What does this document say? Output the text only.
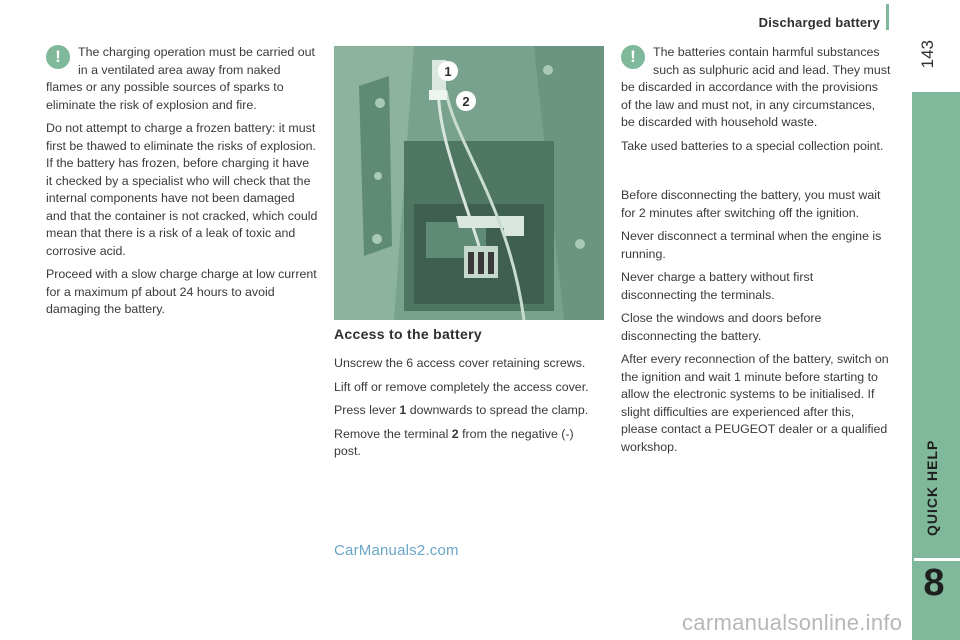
Discharged battery
143
QUICK HELP
8
!	The charging operation must be carried out in a ventilated area away from naked flames or any possible sources of sparks to eliminate the risk of explosion and fire.

Do not attempt to charge a frozen battery: it must first be thawed to eliminate the risks of explosion. If the battery has frozen, before charging it have it checked by a specialist who will check that the internal components have not been damaged and that the container is not cracked, which could mean that there is a risk of a leak of toxic and corrosive acid.

Proceed with a slow charge charge at low current for a maximum pf about 24 hours to avoid damaging the battery.

1
2
Access to the battery

Unscrew the 6 access cover retaining screws.

Lift off or remove completely the access cover.

Press lever 1 downwards to spread the clamp.

Remove the terminal 2 from the negative (-) post.

!	The batteries contain harmful substances such as sulphuric acid and lead. They must be discarded in accordance with the provisions of the law and must not, in any circumstances, be discarded with household waste.

Take used batteries to a special collection point.

Before disconnecting the battery, you must wait for 2 minutes after switching off the ignition.

Never disconnect a terminal when the engine is running.

Never charge a battery without first disconnecting the terminals.

Close the windows and doors before disconnecting the battery.

After every reconnection of the battery, switch on the ignition and wait 1 minute before starting to allow the electronic systems to be initialised. If slight difficulties are experienced after this, please contact a PEUGEOT dealer or a qualified workshop.

CarManuals2.com
carmanualsonline.info
